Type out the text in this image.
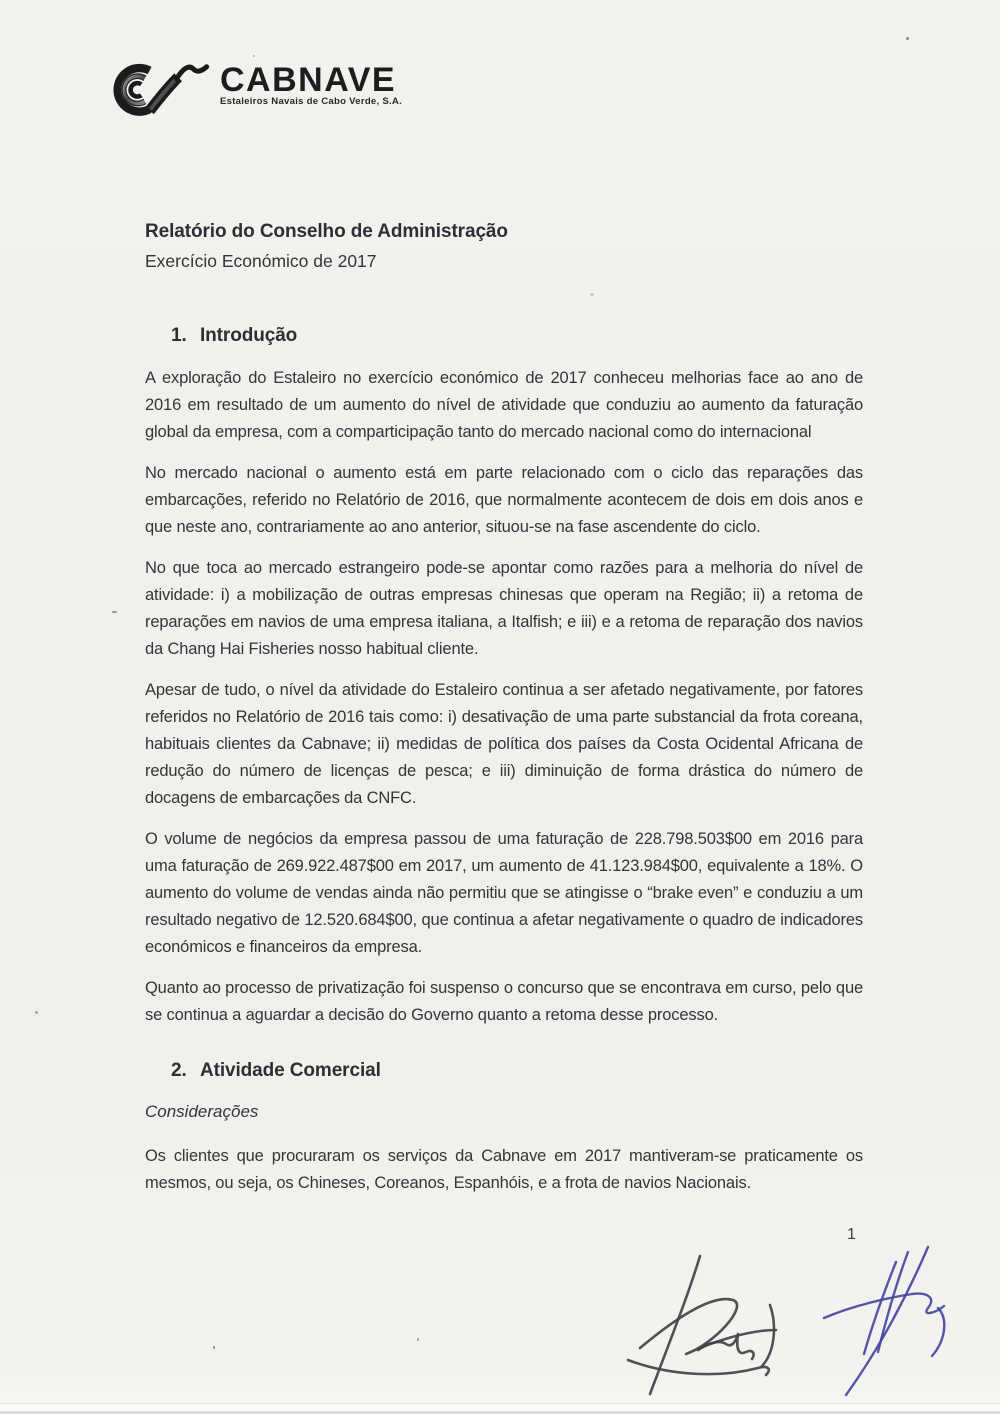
CABNAVE
Estaleiros Navais de Cabo Verde, S.A.
Relatório do Conselho de Administração

Exercício Económico de 2017

1. Introdução

A exploração do Estaleiro no exercício económico de 2017 conheceu melhorias face ao ano de 2016 em resultado de um aumento do nível de atividade que conduziu ao aumento da faturação global da empresa, com a comparticipação tanto do mercado nacional como do internacional

No mercado nacional o aumento está em parte relacionado com o ciclo das reparações das embarcações, referido no Relatório de 2016, que normalmente acontecem de dois em dois anos e que neste ano, contrariamente ao ano anterior, situou-se na fase ascendente do ciclo.

No que toca ao mercado estrangeiro pode-se apontar como razões para a melhoria do nível de atividade: i) a mobilização de outras empresas chinesas que operam na Região; ii) a retoma de reparações em navios de uma empresa italiana, a Italfish; e iii) e a retoma de reparação dos navios da Chang Hai Fisheries nosso habitual cliente.

Apesar de tudo, o nível da atividade do Estaleiro continua a ser afetado negativamente, por fatores referidos no Relatório de 2016 tais como: i) desativação de uma parte substancial da frota coreana, habituais clientes da Cabnave; ii) medidas de política dos países da Costa Ocidental Africana de redução do número de licenças de pesca; e iii) diminuição de forma drástica do número de docagens de embarcações da CNFC.

O volume de negócios da empresa passou de uma faturação de 228.798.503$00 em 2016 para uma faturação de 269.922.487$00 em 2017, um aumento de 41.123.984$00, equivalente a 18%. O aumento do volume de vendas ainda não permitiu que se atingisse o “brake even” e conduziu a um resultado negativo de 12.520.684$00, que continua a afetar negativamente o quadro de indicadores económicos e financeiros da empresa.

Quanto ao processo de privatização foi suspenso o concurso que se encontrava em curso, pelo que se continua a aguardar a decisão do Governo quanto a retoma desse processo.

2. Atividade Comercial

Considerações

Os clientes que procuraram os serviços da Cabnave em 2017 mantiveram-se praticamente os mesmos, ou seja, os Chineses, Coreanos, Espanhóis, e a frota de navios Nacionais.

1
